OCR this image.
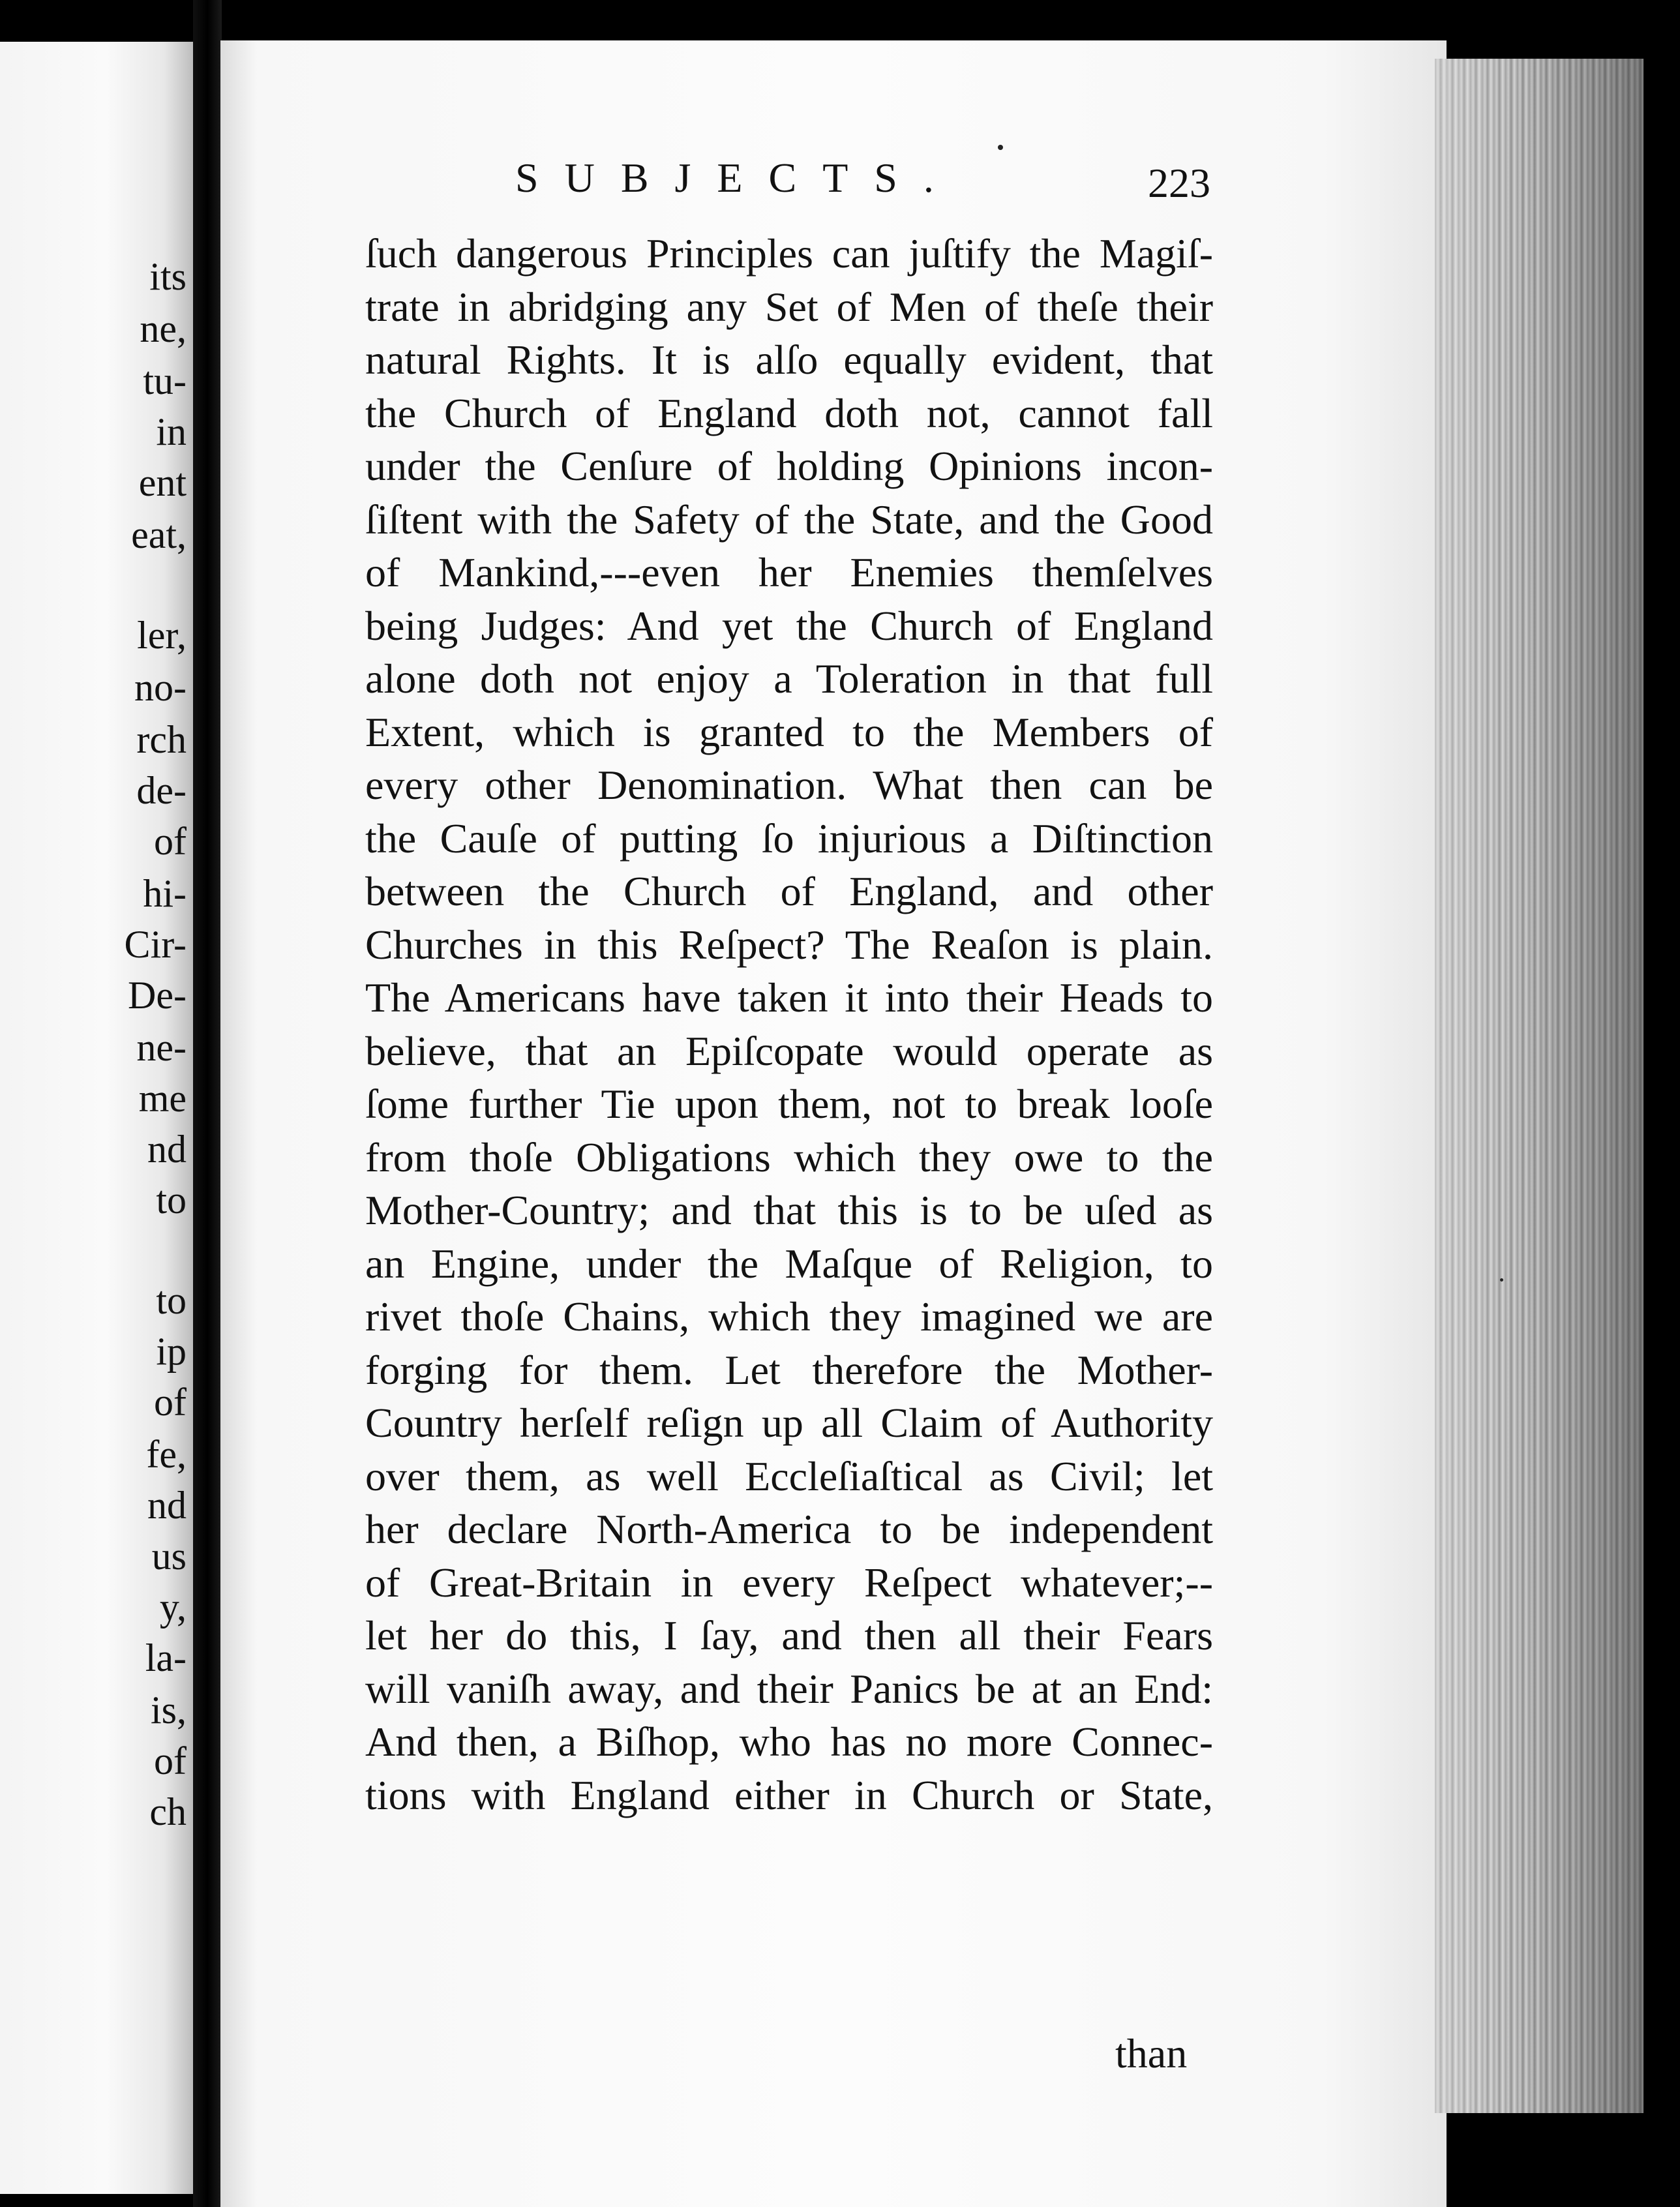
its
ne,
tu-
in
ent
eat,
ler,
no-
rch
de-
of
hi-
Cir-
De-
ne-
me
nd
to
to
ip
of
fe,
nd
us
y,
la-
is,
of
ch
SUBJECTS.	223
ſuch dangerous Principles can juſtify the Magiſ-
trate in abridging any Set of Men of theſe their
natural Rights. It is alſo equally evident, that
the Church of England doth not, cannot fall
under the Cenſure of holding Opinions incon-
ſiſtent with the Safety of the State, and the Good
of Mankind,---even her Enemies themſelves
being Judges: And yet the Church of England
alone doth not enjoy a Toleration in that full
Extent, which is granted to the Members of
every other Denomination. What then can be
the Cauſe of putting ſo injurious a Diſtinction
between the Church of England, and other
Churches in this Reſpect? The Reaſon is plain.
The Americans have taken it into their Heads to
believe, that an Epiſcopate would operate as
ſome further Tie upon them, not to break looſe
from thoſe Obligations which they owe to the
Mother-Country; and that this is to be uſed as
an Engine, under the Maſque of Religion, to
rivet thoſe Chains, which they imagined we are
forging for them. Let therefore the Mother-
Country herſelf reſign up all Claim of Authority
over them, as well Eccleſiaſtical as Civil; let
her declare North-America to be independent
of Great-Britain in every Reſpect whatever;--
let her do this, I ſay, and then all their Fears
will vaniſh away, and their Panics be at an End:
And then, a Biſhop, who has no more Connec-
tions with England either in Church or State,
than
